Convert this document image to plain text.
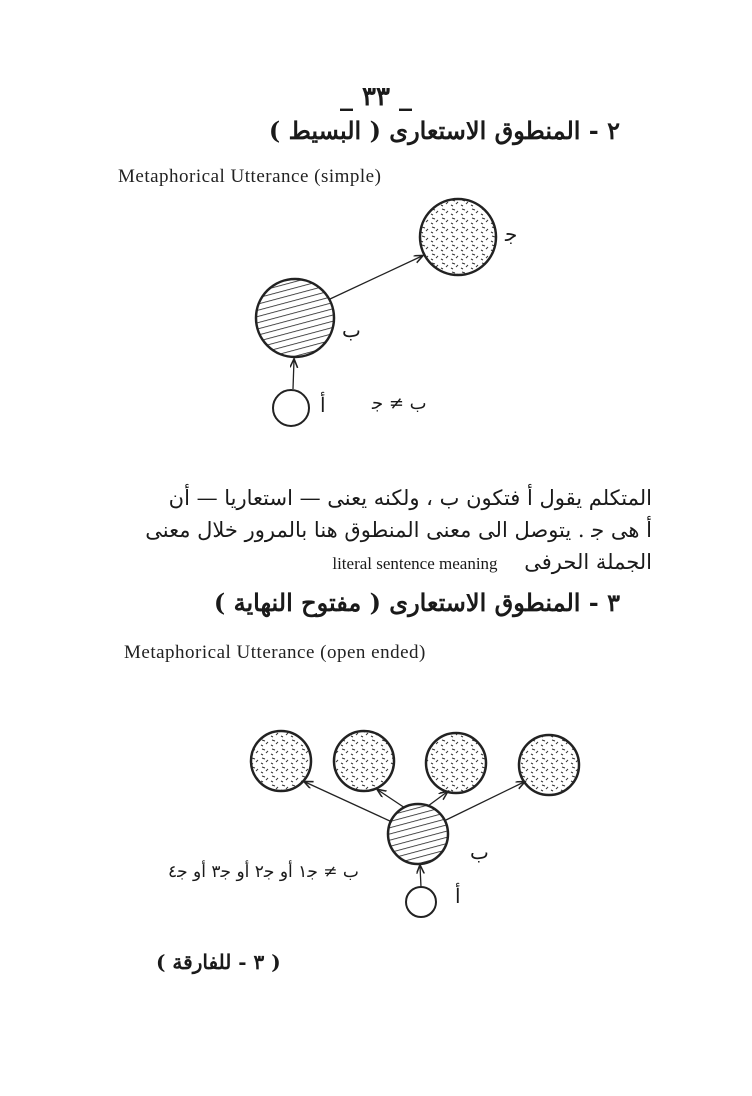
_ ٣٣ _
٢ - المنطوق الاستعارى ( البسيط )
Metaphorical Utterance (simple)
ﺟ
ب
أ	ب ≠ ﺟ

المتكلم يقول أ فتكون ب ، ولكنه يعنى — استعاريا — أن

أ هى ﺟ . يتوصل الى معنى المنطوق هنا بالمرور خلال معنى

الجملة الحرفى    literal sentence meaning

٣ - المنطوق الاستعارى ( مفتوح النهاية )
Metaphorical Utterance (open ended)
ب
أ
ب ≠ ﺟ١ أو ﺟ٢ أو ﺟ٣ أو ﺟ٤
( ٣ - للفارقة )
